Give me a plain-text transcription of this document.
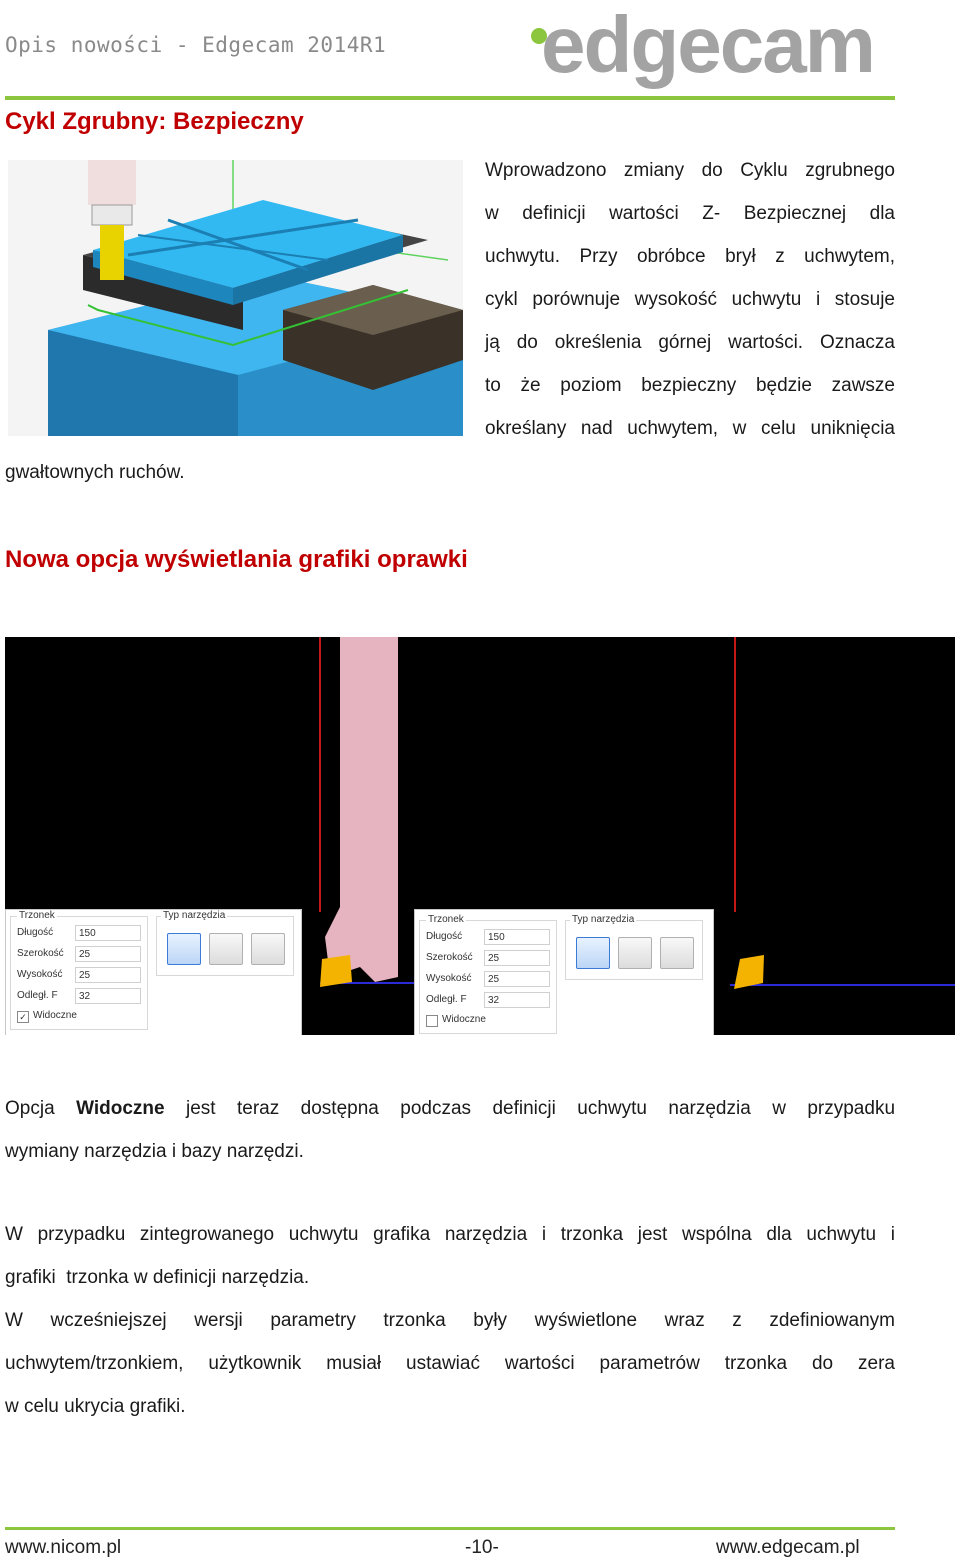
Opis nowości - Edgecam 2014R1 edgecam
Cykl Zgrubny: Bezpieczny
Wprowadzono zmiany do Cyklu zgrubnego
w definicji wartości Z- Bezpiecznej dla
uchwytu. Przy obróbce brył z uchwytem,
cykl porównuje wysokość uchwytu i stosuje
ją do określenia górnej wartości. Oznacza
to że poziom bezpieczny będzie zawsze
określany nad uchwytem, w celu uniknięcia
gwałtownych ruchów.
Nowa opcja wyświetlania grafiki oprawki
Trzonek
Długość	150
Szerokość	25
Wysokość	25
Odległ. F	32
✓ Widoczne
Typ narzędzia	Trzonek
Długość	150
Szerokość	25
Wysokość	25
Odległ. F	32
Widoczne
Typ narzędzia
Opcja Widoczne jest teraz dostępna podczas definicji uchwytu narzędzia w przypadku
wymiany narzędzia i bazy narzędzi.
W przypadku zintegrowanego uchwytu grafika narzędzia i trzonka jest wspólna dla uchwytu i
grafiki  trzonka w definicji narzędzia.
W wcześniejszej wersji parametry trzonka były wyświetlone wraz z zdefiniowanym
uchwytem/trzonkiem, użytkownik musiał ustawiać wartości parametrów trzonka do zera
w celu ukrycia grafiki.
www.nicom.pl	-10-	www.edgecam.pl
